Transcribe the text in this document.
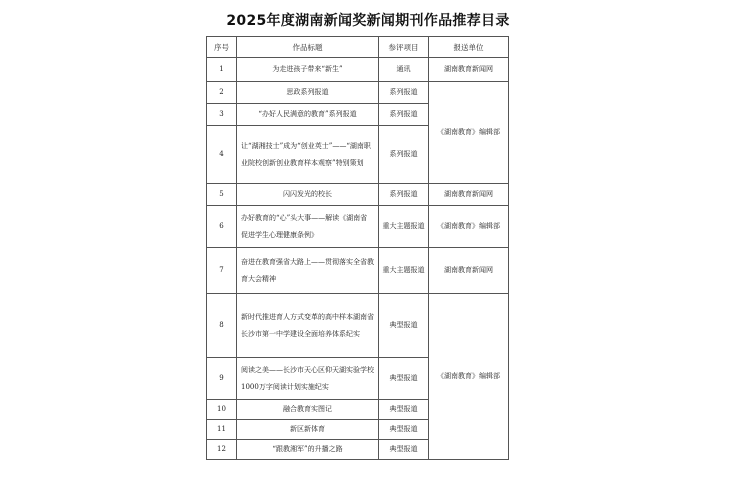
2025年度湖南新闻奖新闻期刊作品推荐目录
序号	作品标题	参评项目	报送单位
1	为走进孩子带来“新生”	通讯	湖南教育新闻网
2	思政系列报道	系列报道	《湖南教育》编辑部
3	“办好人民满意的教育”系列报道	系列报道	
4	让“湖湘技士”成为“创业英士”——“湖南职业院校创新创业教育样本观察”特别策划	系列报道	
5	闪闪发光的校长	系列报道	湖南教育新闻网
6	办好教育的“心”头大事——解读《湖南省促进学生心理健康条例》	重大主题报道	《湖南教育》编辑部
7	奋进在教育强省大路上——贯彻落实全省教育大会精神	重大主题报道	湖南教育新闻网
8	新时代推进育人方式变革的高中样本湖南省长沙市第一中学建设全面培养体系纪实	典型报道	《湖南教育》编辑部
9	阅读之美——长沙市天心区仰天湖实验学校1000万字阅读计划实施纪实	典型报道	
10	融合教育实图记	典型报道	
11	新区新体育	典型报道	
12	“跟教湘军”的升播之路	典型报道	
